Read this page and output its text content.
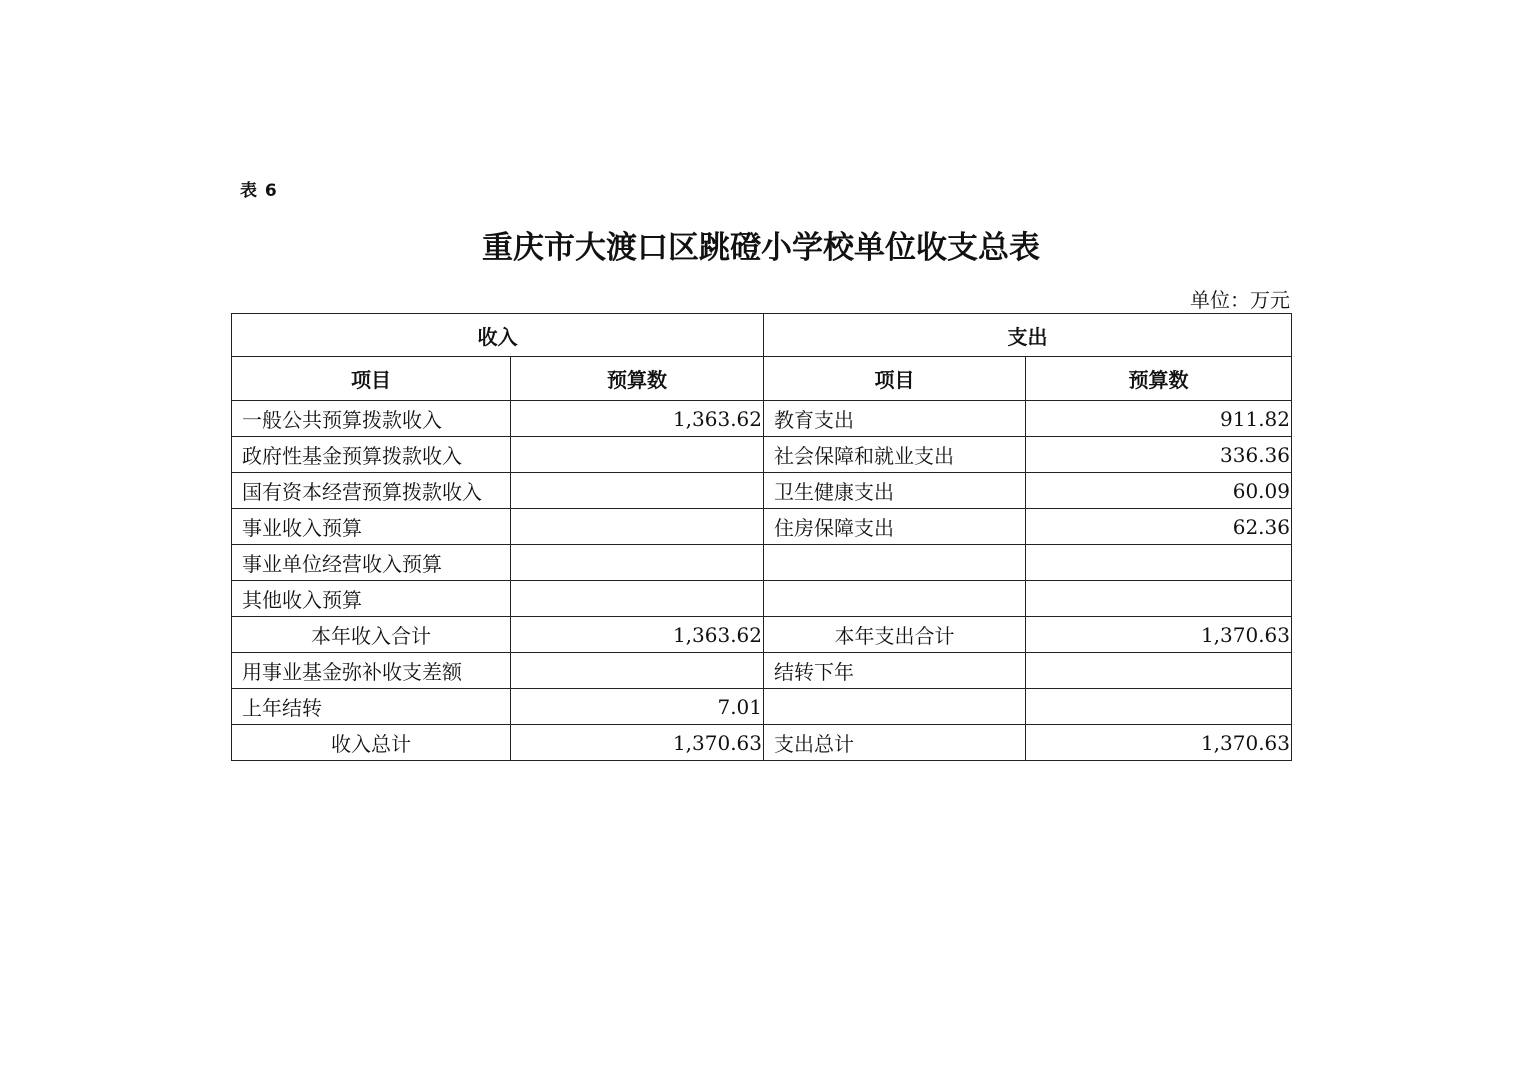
表 6
重庆市大渡口区跳磴小学校单位收支总表
单位：万元
收入		支出	
项目	预算数	项目	预算数
一般公共预算拨款收入	1,363.62	教育支出	911.82
政府性基金预算拨款收入		社会保障和就业支出	336.36
国有资本经营预算拨款收入		卫生健康支出	60.09
事业收入预算		住房保障支出	62.36
事业单位经营收入预算			
其他收入预算			
本年收入合计	1,363.62	本年支出合计	1,370.63
用事业基金弥补收支差额		结转下年	
上年结转	7.01		
收入总计	1,370.63	支出总计	1,370.63
